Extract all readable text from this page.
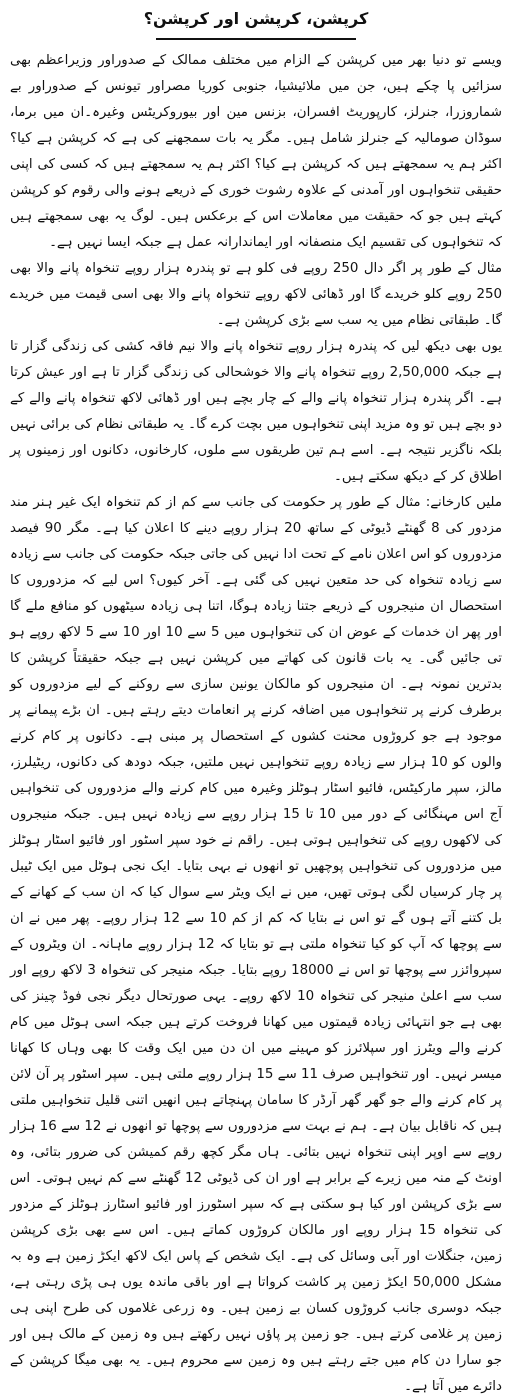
کرپشن، کرپشن اور کرپشن؟

ویسے تو دنیا بھر میں کرپشن کے الزام میں مختلف ممالک کے صدوراور وزیراعظم بھی سزائیں پا چکے ہیں، جن میں ملائیشیا، جنوبی کوریا مصراور تیونس کے صدوراور بے شماروزرا، جنرلز، کارپوریٹ افسران، بزنس مین اور بیوروکریٹس وغیرہ۔ان میں برما، سوڈان صومالیہ کے جنرلز شامل ہیں۔ مگر یہ بات سمجھنے کی ہے کہ کرپشن ہے کیا؟ اکثر ہم یہ سمجھتے ہیں کہ کرپشن ہے کیا؟ اکثر ہم یہ سمجھتے ہیں کہ کسی کی اپنی حقیقی تنخواہوں اور آمدنی کے علاوہ رشوت خوری کے ذریعے ہونے والی رقوم کو کرپشن کہتے ہیں جو کہ حقیقت میں معاملات اس کے برعکس ہیں۔ لوگ یہ بھی سمجھتے ہیں کہ تنخواہوں کی تقسیم ایک منصفانہ اور ایماندارانہ عمل ہے جبکہ ایسا نہیں ہے۔

مثال کے طور پر اگر دال 250 روپے فی کلو ہے تو پندرہ ہزار روپے تنخواہ پانے والا بھی 250 روپے کلو خریدے گا اور ڈھائی لاکھ روپے تنخواہ پانے والا بھی اسی قیمت میں خریدے گا۔ طبقاتی نظام میں یہ سب سے بڑی کرپشن ہے۔

یوں بھی دیکھ لیں کہ پندرہ ہزار روپے تنخواہ پانے والا نیم فاقہ کشی کی زندگی گزار تا ہے جبکہ 2,50,000 روپے تنخواہ پانے والا خوشحالی کی زندگی گزار تا ہے اور عیش کرتا ہے۔ اگر پندرہ ہزار تنخواہ پانے والے کے چار بچے ہیں اور ڈھائی لاکھ تنخواہ پانے والے کے دو بچے ہیں تو وہ مزید اپنی تنخواہوں میں بچت کرے گا۔ یہ طبقاتی نظام کی برائی نہیں بلکہ ناگزیر نتیجہ ہے۔ اسے ہم تین طریقوں سے ملوں، کارخانوں، دکانوں اور زمینوں پر اطلاق کر کے دیکھ سکتے ہیں۔

ملیں کارخانے: مثال کے طور پر حکومت کی جانب سے کم از کم تنخواہ ایک غیر ہنر مند مزدور کی 8 گھنٹے ڈیوٹی کے ساتھ 20 ہزار روپے دینے کا اعلان کیا ہے۔ مگر 90 فیصد مزدوروں کو اس اعلان نامے کے تحت ادا نہیں کی جاتی جبکہ حکومت کی جانب سے زیادہ سے زیادہ تنخواہ کی حد متعین نہیں کی گئی ہے۔ آخر کیوں؟ اس لیے کہ مزدوروں کا استحصال ان منیجروں کے ذریعے جتنا زیادہ ہوگا، اتنا ہی زیادہ سیٹھوں کو منافع ملے گا اور پھر ان خدمات کے عوض ان کی تنخواہوں میں 5 سے 10 اور 10 سے 5 لاکھ روپے ہو تی جائیں گی۔ یہ بات قانون کی کھاتے میں کرپشن نہیں ہے جبکہ حقیقتاً کرپشن کا بدترین نمونہ ہے۔ ان منیجروں کو مالکان یونین سازی سے روکنے کے لیے مزدوروں کو برطرف کرنے پر تنخواہوں میں اضافہ کرنے پر انعامات دیتے رہتے ہیں۔ ان بڑے پیمانے پر موجود ہے جو کروڑوں محنت کشوں کے استحصال پر مبنی ہے۔ دکانوں پر کام کرنے والوں کو 10 ہزار سے زیادہ روپے تنخواہیں نہیں ملتیں، جبکہ دودھ کی دکانوں، ریٹیلرز، مالز، سپر مارکیٹس، فائیو اسٹار ہوٹلز وغیرہ میں کام کرنے والے مزدوروں کی تنخواہیں آج اس مہنگائی کے دور میں 10 تا 15 ہزار روپے سے زیادہ نہیں ہیں۔ جبکہ منیجروں کی لاکھوں روپے کی تنخواہیں ہوتی ہیں۔ راقم نے خود سپر اسٹور اور فائیو اسٹار ہوٹلز میں مزدوروں کی تنخواہیں پوچھیں تو انھوں نے بہی بتایا۔ ایک نجی ہوٹل میں ایک ٹیبل پر چار کرسیاں لگی ہوتی تھیں، میں نے ایک ویٹر سے سوال کیا کہ ان سب کے کھانے کے بل کتنے آتے ہوں گے تو اس نے بتایا کہ کم از کم 10 سے 12 ہزار روپے۔ پھر میں نے ان سے پوچھا کہ آپ کو کیا تنخواہ ملتی ہے تو بتایا کہ 12 ہزار روپے ماہانہ۔ ان ویٹروں کے سپروائزر سے پوچھا تو اس نے 18000 روپے بتایا۔ جبکہ منیجر کی تنخواہ 3 لاکھ روپے اور سب سے اعلیٰ منیجر کی تنخواہ 10 لاکھ روپے۔ یہی صورتحال دیگر نجی فوڈ چینز کی بھی ہے جو انتہائی زیادہ قیمتوں میں کھانا فروخت کرتے ہیں جبکہ اسی ہوٹل میں کام کرنے والے ویٹرز اور سپلائرز کو مہینے میں ان دن میں ایک وقت کا بھی وہاں کا کھانا میسر نہیں۔ اور تنخواہیں صرف 11 سے 15 ہزار روپے ملتی ہیں۔ سپر اسٹور پر آن لائن پر کام کرنے والے جو گھر گھر آرڈر کا سامان پہنچاتے ہیں انھیں اتنی قلیل تنخواہیں ملتی ہیں کہ ناقابل بیان ہے۔ ہم نے بہت سے مزدوروں سے پوچھا تو انھوں نے 12 سے 16 ہزار روپے سے اوپر اپنی تنخواہ نہیں بتائی۔ ہاں مگر کچھ رقم کمیشن کی ضرور بتائی، وہ اونٹ کے منہ میں زیرے کے برابر ہے اور ان کی ڈیوٹی 12 گھنٹے سے کم نہیں ہوتی۔ اس سے بڑی کرپشن اور کیا ہو سکتی ہے کہ سپر اسٹورز اور فائیو اسٹارز ہوٹلز کے مزدور کی تنخواہ 15 ہزار روپے اور مالکان کروڑوں کماتے ہیں۔ اس سے بھی بڑی کرپشن زمین، جنگلات اور آبی وسائل کی ہے۔ ایک شخص کے پاس ایک لاکھ ایکڑ زمین ہے وہ بہ مشکل 50,000 ایکڑ زمین پر کاشت کرواتا ہے اور باقی ماندہ یوں ہی پڑی رہتی ہے، جبکہ دوسری جانب کروڑوں کسان بے زمین ہیں۔ وہ زرعی غلاموں کی طرح اپنی ہی زمین پر غلامی کرتے ہیں۔ جو زمین پر پاؤں نہیں رکھتے ہیں وہ زمین کے مالک ہیں اور جو سارا دن کام میں جتے رہتے ہیں وہ زمین سے محروم ہیں۔ یہ بھی میگا کرپشن کے دائرے میں آتا ہے۔
